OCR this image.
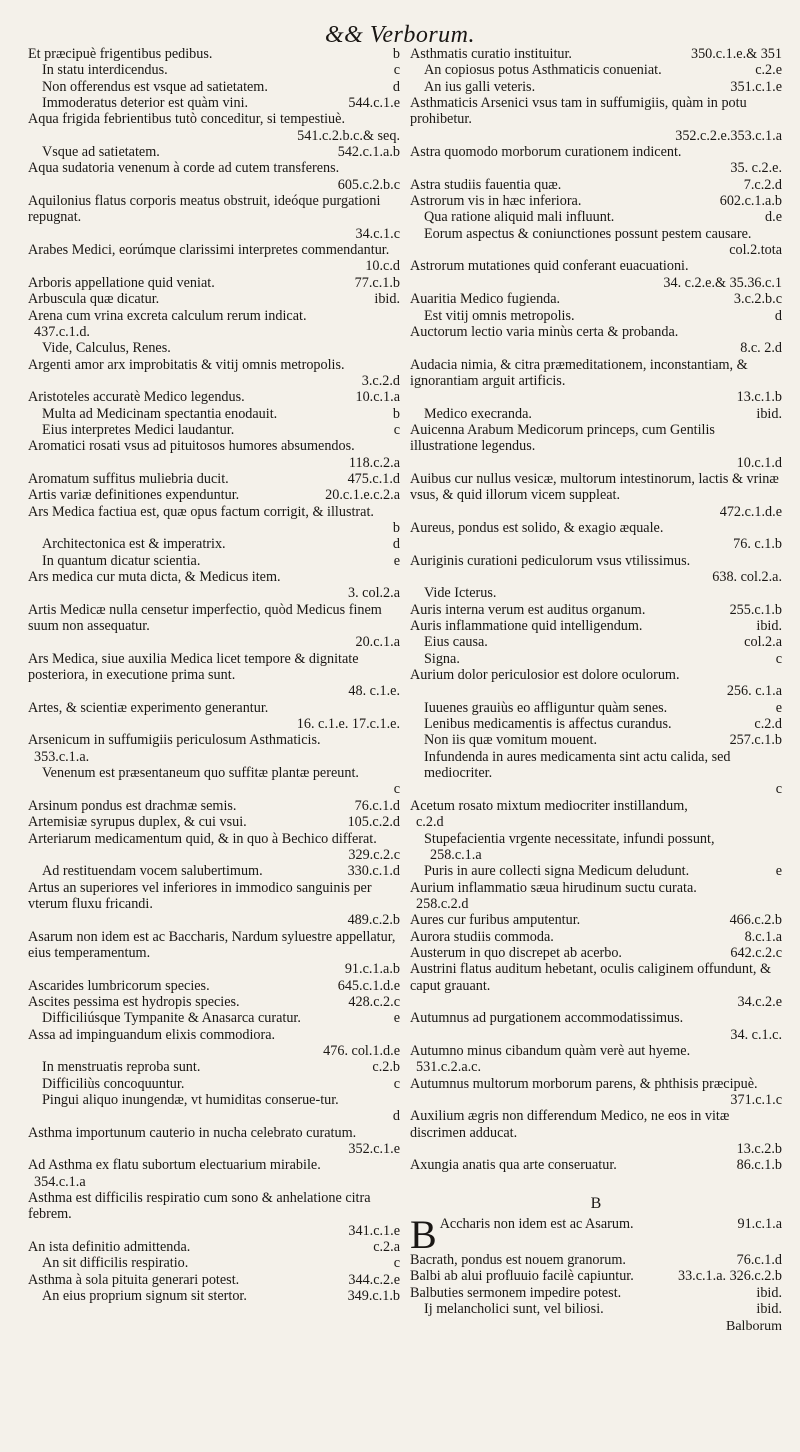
&& Verborum.
Et præcipuè frigentibus pedibus.	b
In statu interdicendus.	c
Non offerendus est vsque ad satietatem.	d
Immoderatus deterior est quàm vini.	544.c.1.e
Aqua frigida febrientibus tutò conceditur, si tempestiuè.
541.c.2.b.c.& seq.
Vsque ad satietatem.	542.c.1.a.b
Aqua sudatoria venenum à corde ad cutem transferens.
605.c.2.b.c
Aquilonius flatus corporis meatus obstruit, ideóque purgationi repugnat.
34.c.1.c
Arabes Medici, eorúmque clarissimi interpretes commendantur.
10.c.d
Arboris appellatione quid veniat.	77.c.1.b
Arbuscula quæ dicatur.	ibid.
Arena cum vrina excreta calculum rerum indicat.
437.c.1.d.
Vide, Calculus, Renes.
Argenti amor arx improbitatis & vitij omnis metropolis.
3.c.2.d
Aristoteles accuratè Medico legendus.	10.c.1.a
Multa ad Medicinam spectantia enodauit.	b
Eius interpretes Medici laudantur.	c
Aromatici rosati vsus ad pituitosos humores absumendos.
118.c.2.a
Aromatum suffitus muliebria ducit.	475.c.1.d
Artis variæ definitiones expenduntur.	20.c.1.e.c.2.a
Ars Medica factiua est, quæ opus factum corrigit, & illustrat.
b
Architectonica est & imperatrix.	d
In quantum dicatur scientia.	e
Ars medica cur muta dicta, & Medicus item.
3. col.2.a
Artis Medicæ nulla censetur imperfectio, quòd Medicus finem suum non assequatur.
20.c.1.a
Ars Medica, siue auxilia Medica licet tempore & dignitate posteriora, in executione prima sunt.
48. c.1.e.
Artes, & scientiæ experimento generantur.
16. c.1.e. 17.c.1.e.
Arsenicum in suffumigiis periculosum Asthmaticis.
353.c.1.a.
Venenum est præsentaneum quo suffitæ plantæ pereunt.
c
Arsinum pondus est drachmæ semis.	76.c.1.d
Artemisiæ syrupus duplex, & cui vsui.	105.c.2.d
Arteriarum medicamentum quid, & in quo à Bechico differat.
329.c.2.c
Ad restituendam vocem salubertimum.	330.c.1.d
Artus an superiores vel inferiores in immodico sanguinis per vterum fluxu fricandi.
489.c.2.b
Asarum non idem est ac Baccharis, Nardum syluestre appellatur, eius temperamentum.
91.c.1.a.b
Ascarides lumbricorum species.	645.c.1.d.e
Ascites pessima est hydropis species.	428.c.2.c
Difficiliúsque Tympanite & Anasarca curatur.	e
Assa ad impinguandum elixis commodiora.
476. col.1.d.e
In menstruatis reproba sunt.	c.2.b
Difficiliùs concoquuntur.	c
Pingui aliquo inungendæ, vt humiditas conserue-tur.
d
Asthma importunum cauterio in nucha celebrato curatum.
352.c.1.e
Ad Asthma ex flatu subortum electuarium mirabile.
354.c.1.a
Asthma est difficilis respiratio cum sono & anhelatione citra febrem.
341.c.1.e
An ista definitio admittenda.	c.2.a
An sit difficilis respiratio.	c
Asthma à sola pituita generari potest.	344.c.2.e
An eius proprium signum sit stertor.	349.c.1.b
Asthmatis curatio instituitur.	350.c.1.e.& 351
An copiosus potus Asthmaticis conueniat.	c.2.e
An ius galli veteris.	351.c.1.e
Asthmaticis Arsenici vsus tam in suffumigiis, quàm in potu prohibetur.
352.c.2.e.353.c.1.a
Astra quomodo morborum curationem indicent.
35. c.2.e.
Astra studiis fauentia quæ.	7.c.2.d
Astrorum vis in hæc inferiora.	602.c.1.a.b
Qua ratione aliquid mali influunt.	d.e
Eorum aspectus & coniunctiones possunt pestem causare.
col.2.tota
Astrorum mutationes quid conferant euacuationi.
34. c.2.e.& 35.36.c.1
Auaritia Medico fugienda.	3.c.2.b.c
Est vitij omnis metropolis.	d
Auctorum lectio varia minùs certa & probanda.
8.c. 2.d
Audacia nimia, & citra præmeditationem, inconstantiam, & ignorantiam arguit artificis.
13.c.1.b
Medico execranda.	ibid.
Auicenna Arabum Medicorum princeps, cum Gentilis illustratione legendus.
10.c.1.d
Auibus cur nullus vesicæ, multorum intestinorum, lactis & vrinæ vsus, & quid illorum vicem suppleat.
472.c.1.d.e
Aureus, pondus est solido, & exagio æquale.
76. c.1.b
Auriginis curationi pediculorum vsus vtilissimus.
638. col.2.a.
Vide Icterus.
Auris interna verum est auditus organum.	255.c.1.b
Auris inflammatione quid intelligendum.	ibid.
Eius causa.	col.2.a
Signa.	c
Aurium dolor periculosior est dolore oculorum.
256. c.1.a
Iuuenes grauiùs eo affliguntur quàm senes.	e
Lenibus medicamentis is affectus curandus.	c.2.d
Non iis quæ vomitum mouent.	257.c.1.b
Infundenda in aures medicamenta sint actu calida, sed mediocriter.
c
Acetum rosato mixtum mediocriter instillandum,
c.2.d
Stupefacientia vrgente necessitate, infundi possunt,
258.c.1.a
Puris in aure collecti signa Medicum deludunt.	e
Aurium inflammatio sæua hirudinum suctu curata.
258.c.2.d
Aures cur furibus amputentur.	466.c.2.b
Aurora studiis commoda.	8.c.1.a
Austerum in quo discrepet ab acerbo.	642.c.2.c
Austrini flatus auditum hebetant, oculis caliginem offundunt, & caput grauant.
34.c.2.e
Autumnus ad purgationem accommodatissimus.
34. c.1.c.
Autumno minus cibandum quàm verè aut hyeme.
531.c.2.a.c.
Autumnus multorum morborum parens, & phthisis præcipuè.
371.c.1.c
Auxilium ægris non differendum Medico, ne eos in vitæ discrimen adducat.
13.c.2.b
Axungia anatis qua arte conseruatur.	86.c.1.b
B
B Accharis non idem est ac Asarum.	91.c.1.a
Bacrath, pondus est nouem granorum.	76.c.1.d
Balbi ab alui profluuio facilè capiuntur.	33.c.1.a. 326.c.2.b
Balbuties sermonem impedire potest.	ibid.
Ij melancholici sunt, vel biliosi.	ibid.
Balborum
